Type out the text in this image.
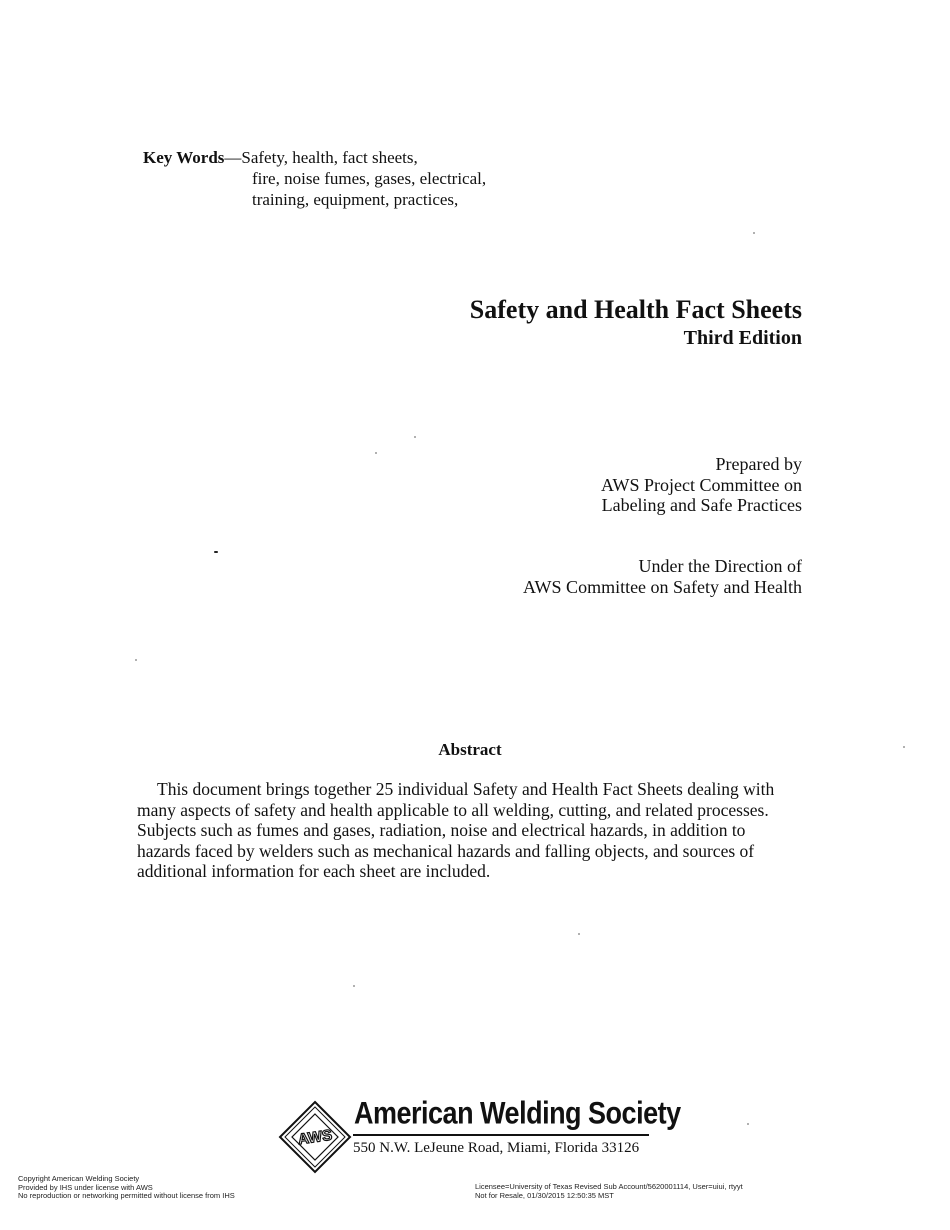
Key Words—Safety, health, fact sheets,
fire, noise fumes, gases, electrical,
training, equipment, practices,
Safety and Health Fact Sheets
Third Edition
Prepared by
AWS Project Committee on
Labeling and Safe Practices
Under the Direction of
AWS Committee on Safety and Health
Abstract
This document brings together 25 individual Safety and Health Fact Sheets dealing with many aspects of safety and health applicable to all welding, cutting, and related processes. Subjects such as fumes and gases, radiation, noise and electrical hazards, in addition to hazards faced by welders such as mechanical hazards and falling objects, and sources of additional information for each sheet are included.
AWS
American Welding Society
550 N.W. LeJeune Road, Miami, Florida 33126
Copyright American Welding Society
Provided by IHS under license with AWS
No reproduction or networking permitted without license from IHS
Licensee=University of Texas Revised Sub Account/5620001114, User=uiui, rtyyt
Not for Resale, 01/30/2015 12:50:35 MST
